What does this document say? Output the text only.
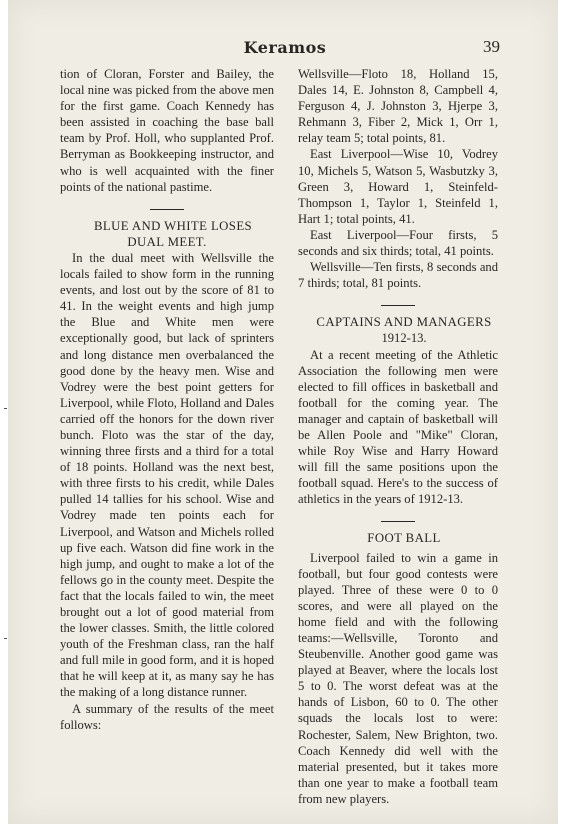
Keramos	39

tion of Cloran, Forster and Bailey, the local nine was picked from the above men for the first game. Coach Kennedy has been assisted in coaching the base ball team by Prof. Holl, who supplanted Prof. Berryman as Bookkeeping instructor, and who is well acquainted with the finer points of the national pastime.

BLUE AND WHITE LOSES
DUAL MEET.

In the dual meet with Wellsville the locals failed to show form in the running events, and lost out by the score of 81 to 41. In the weight events and high jump the Blue and White men were exceptionally good, but lack of sprinters and long distance men overbalanced the good done by the heavy men. Wise and Vodrey were the best point getters for Liverpool, while Floto, Holland and Dales carried off the honors for the down river bunch. Floto was the star of the day, winning three firsts and a third for a total of 18 points. Holland was the next best, with three firsts to his credit, while Dales pulled 14 tallies for his school. Wise and Vodrey made ten points each for Liverpool, and Watson and Michels rolled up five each. Watson did fine work in the high jump, and ought to make a lot of the fellows go in the county meet. Despite the fact that the locals failed to win, the meet brought out a lot of good material from the lower classes. Smith, the little colored youth of the Freshman class, ran the half and full mile in good form, and it is hoped that he will keep at it, as many say he has the making of a long distance runner.

A summary of the results of the meet follows:

Wellsville—Floto 18, Holland 15, Dales 14, E. Johnston 8, Campbell 4, Ferguson 4, J. Johnston 3, Hjerpe 3, Rehmann 3, Fiber 2, Mick 1, Orr 1, relay team 5; total points, 81.

East Liverpool—Wise 10, Vodrey 10, Michels 5, Watson 5, Wasbutzky 3, Green 3, Howard 1, Steinfeld-Thompson 1, Taylor 1, Steinfeld 1, Hart 1; total points, 41.

East Liverpool—Four firsts, 5 seconds and six thirds; total, 41 points.

Wellsville—Ten firsts, 8 seconds and 7 thirds; total, 81 points.

CAPTAINS AND MANAGERS

1912-13.

At a recent meeting of the Athletic Association the following men were elected to fill offices in basketball and football for the coming year. The manager and captain of basketball will be Allen Poole and "Mike" Cloran, while Roy Wise and Harry Howard will fill the same positions upon the football squad. Here's to the success of athletics in the years of 1912-13.

FOOT BALL

Liverpool failed to win a game in football, but four good contests were played. Three of these were 0 to 0 scores, and were all played on the home field and with the following teams:—Wellsville, Toronto and Steubenville. Another good game was played at Beaver, where the locals lost 5 to 0. The worst defeat was at the hands of Lisbon, 60 to 0. The other squads the locals lost to were: Rochester, Salem, New Brighton, two. Coach Kennedy did well with the material presented, but it takes more than one year to make a football team from new players.
